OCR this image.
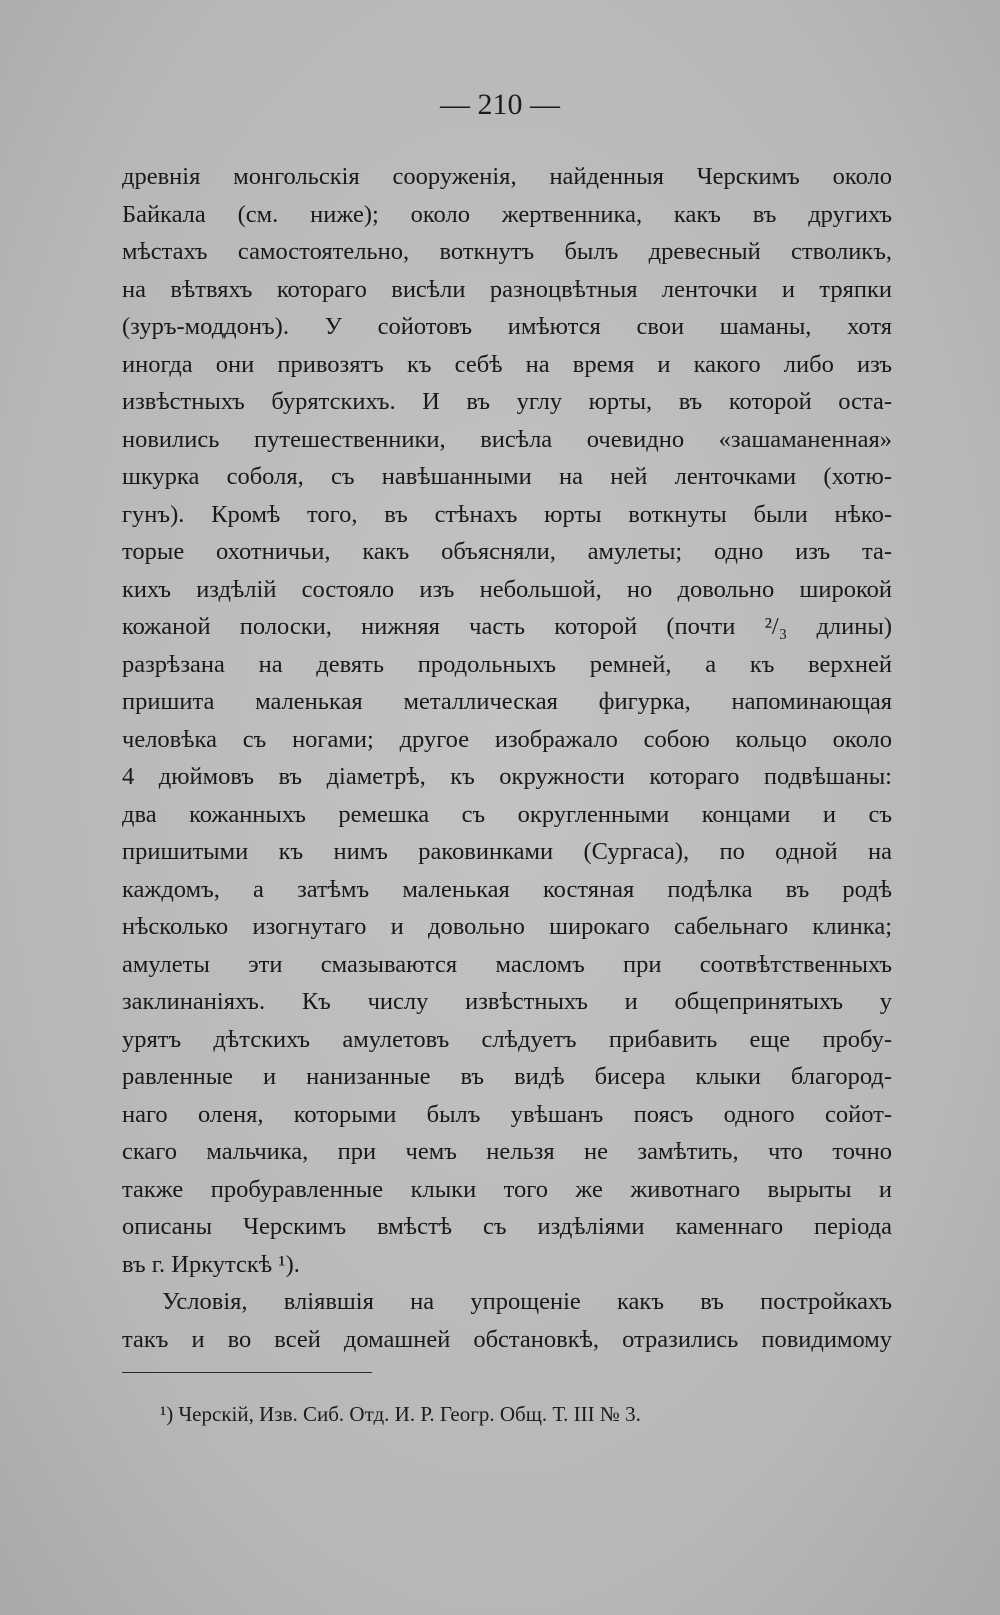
— 210 —
древнія монгольскія сооруженія, найденныя Черскимъ около
Байкала (см. ниже); около жертвенника, какъ въ другихъ
мѣстахъ самостоятельно, воткнутъ былъ древесный стволикъ,
на вѣтвяхъ котораго висѣли разноцвѣтныя ленточки и тряпки
(зуръ-моддонъ). У сойотовъ имѣются свои шаманы, хотя
иногда они привозятъ къ себѣ на время и какого либо изъ
извѣстныхъ бурятскихъ. И въ углу юрты, въ которой оста-
новились путешественники, висѣла очевидно «зашаманенная»
шкурка соболя, съ навѣшанными на ней ленточками (хотю-
гунъ). Кромѣ того, въ стѣнахъ юрты воткнуты были нѣко-
торые охотничьи, какъ объясняли, амулеты; одно изъ та-
кихъ издѣлій состояло изъ небольшой, но довольно широкой
кожаной полоски, нижняя часть которой (почти ²/₃ длины)
разрѣзана на девять продольныхъ ремней, а къ верхней
пришита маленькая металлическая фигурка, напоминающая
человѣка съ ногами; другое изображало собою кольцо около
4 дюймовъ въ діаметрѣ, къ окружности котораго подвѣшаны:
два кожанныхъ ремешка съ округленными концами и съ
пришитыми къ нимъ раковинками (Сургаса), по одной на
каждомъ, а затѣмъ маленькая костяная подѣлка въ родѣ
нѣсколько изогнутаго и довольно широкаго сабельнаго клинка;
амулеты эти смазываются масломъ при соотвѣтственныхъ
заклинаніяхъ. Къ числу извѣстныхъ и общепринятыхъ у
урятъ дѣтскихъ амулетовъ слѣдуетъ прибавить еще пробу-
равленные и нанизанные въ видѣ бисера клыки благород-
наго оленя, которыми былъ увѣшанъ поясъ одного сойот-
скаго мальчика, при чемъ нельзя не замѣтить, что точно
также пробуравленные клыки того же животнаго вырыты и
описаны Черскимъ вмѣстѣ съ издѣліями каменнаго періода
въ г. Иркутскѣ ¹).
Условія, вліявшія на упрощеніе какъ въ постройкахъ
такъ и во всей домашней обстановкѣ, отразились повидимому
¹) Черскій, Изв. Сиб. Отд. И. Р. Геогр. Общ. Т. III № 3.
